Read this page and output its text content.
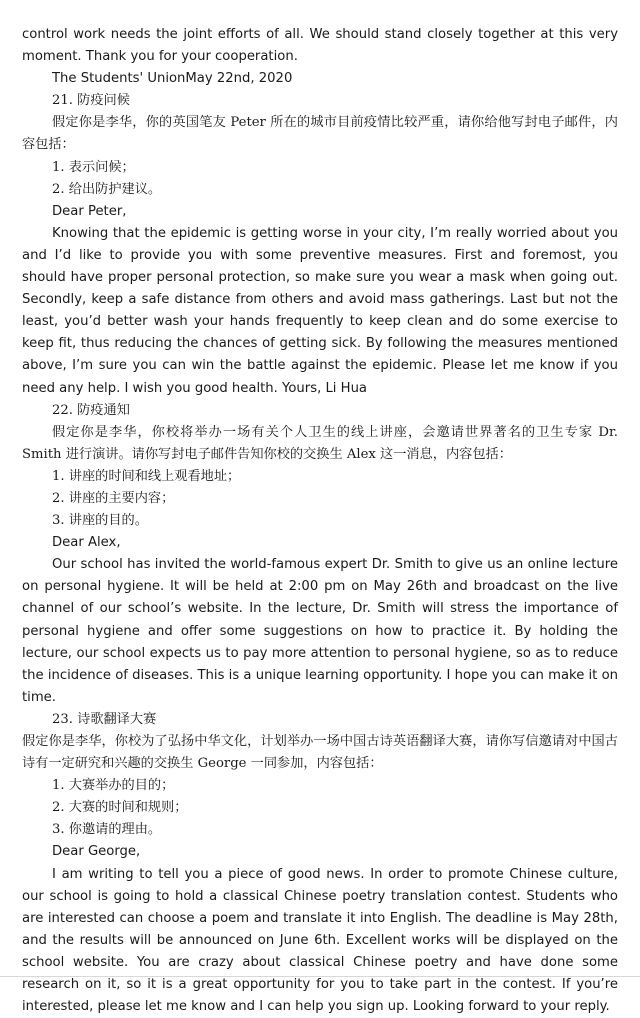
control work needs the joint efforts of all. We should stand closely together at this very moment. Thank you for your cooperation.

The Students' UnionMay 22nd, 2020

21. 防疫问候

假定你是李华，你的英国笔友 Peter 所在的城市目前疫情比较严重，请你给他写封电子邮件，内容包括：

1. 表示问候；

2. 给出防护建议。

Dear Peter,

Knowing that the epidemic is getting worse in your city, I’m really worried about you and I’d like to provide you with some preventive measures. First and foremost, you should have proper personal protection, so make sure you wear a mask when going out. Secondly, keep a safe distance from others and avoid mass gatherings. Last but not the least, you’d better wash your hands frequently to keep clean and do some exercise to keep fit, thus reducing the chances of getting sick. By following the measures mentioned above, I’m sure you can win the battle against the epidemic. Please let me know if you need any help. I wish you good health. Yours, Li Hua

22. 防疫通知

假定你是李华，你校将举办一场有关个人卫生的线上讲座，会邀请世界著名的卫生专家 Dr. Smith 进行演讲。请你写封电子邮件告知你校的交换生 Alex 这一消息，内容包括：

1. 讲座的时间和线上观看地址；

2. 讲座的主要内容；

3. 讲座的目的。

Dear Alex,

Our school has invited the world-famous expert Dr. Smith to give us an online lecture on personal hygiene. It will be held at 2:00 pm on May 26th and broadcast on the live channel of our school’s website. In the lecture, Dr. Smith will stress the importance of personal hygiene and offer some suggestions on how to practice it. By holding the lecture, our school expects us to pay more attention to personal hygiene, so as to reduce the incidence of diseases. This is a unique learning opportunity. I hope you can make it on time.

23. 诗歌翻译大赛

假定你是李华，你校为了弘扬中华文化，计划举办一场中国古诗英语翻译大赛，请你写信邀请对中国古诗有一定研究和兴趣的交换生 George 一同参加，内容包括：

1. 大赛举办的目的；

2. 大赛的时间和规则；

3. 你邀请的理由。

Dear George,

I am writing to tell you a piece of good news. In order to promote Chinese culture, our school is going to hold a classical Chinese poetry translation contest. Students who are interested can choose a poem and translate it into English. The deadline is May 28th, and the results will be announced on June 6th. Excellent works will be displayed on the school website. You are crazy about classical Chinese poetry and have done some research on it, so it is a great opportunity for you to take part in the contest. If you’re interested, please let me know and I can help you sign up. Looking forward to your reply.
